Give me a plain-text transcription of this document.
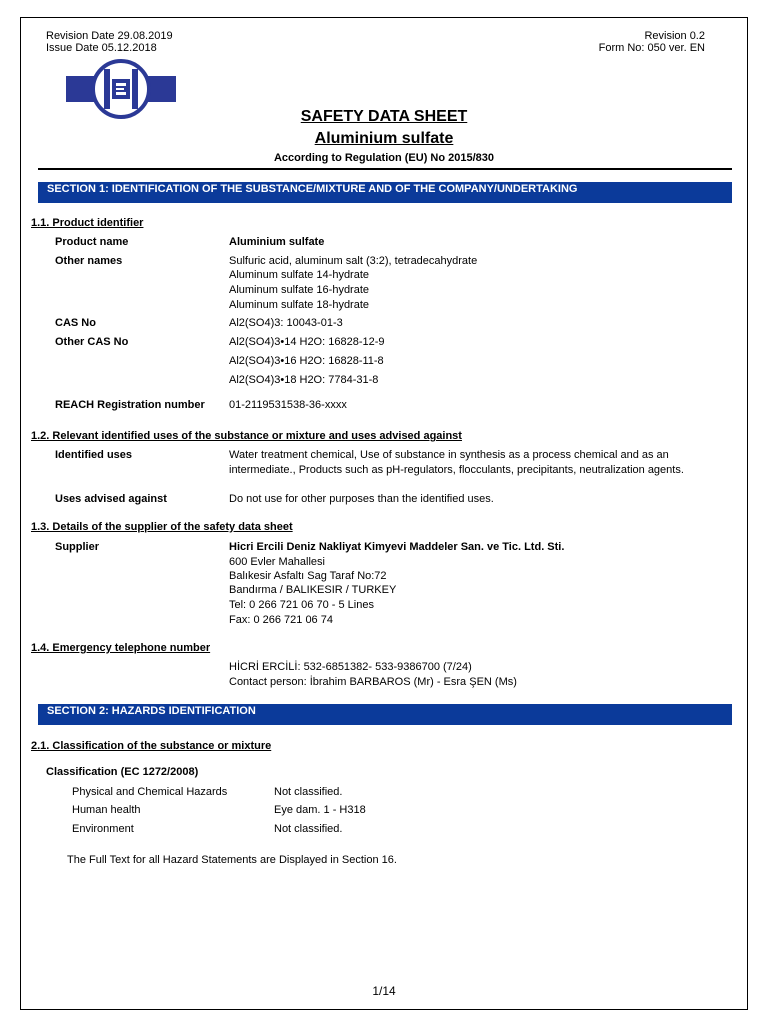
Revision Date 29.08.2019
Issue Date 05.12.2018
Revision 0.2
Form No: 050 ver. EN
SAFETY DATA SHEET
Aluminium sulfate
According to Regulation (EU) No 2015/830
SECTION 1: IDENTIFICATION OF THE SUBSTANCE/MIXTURE AND OF THE COMPANY/UNDERTAKING
1.1. Product identifier
Product name	Aluminium sulfate
Other names	Sulfuric acid, aluminum salt (3:2), tetradecahydrate
Aluminum sulfate 14-hydrate
Aluminum sulfate 16-hydrate
Aluminum sulfate 18-hydrate
CAS No	Al2(SO4)3: 10043-01-3
Other CAS No	Al2(SO4)3•14 H2O: 16828-12-9
Al2(SO4)3•16 H2O: 16828-11-8
Al2(SO4)3•18 H2O: 7784-31-8
REACH Registration number 01-2119531538-36-xxxx
1.2. Relevant identified uses of the substance or mixture and uses advised against
Identified uses	Water treatment chemical, Use of substance in synthesis as a process chemical and as an
intermediate., Products such as pH-regulators, flocculants, precipitants, neutralization agents.
Uses advised against	Do not use for other purposes than the identified uses.
1.3. Details of the supplier of the safety data sheet
Supplier	Hicri Ercili Deniz Nakliyat Kimyevi Maddeler San. ve Tic. Ltd. Sti.
600 Evler Mahallesi
Balıkesir Asfaltı Sag Taraf No:72
Bandırma / BALIKESIR / TURKEY
Tel: 0 266 721 06 70 - 5 Lines
Fax: 0 266 721 06 74
1.4. Emergency telephone number
HİCRİ ERCİLİ: 532-6851382- 533-9386700 (7/24)
Contact person: İbrahim BARBAROS (Mr) - Esra ŞEN (Ms)
SECTION 2: HAZARDS IDENTIFICATION
2.1. Classification of the substance or mixture
Classification (EC 1272/2008)
Physical and Chemical Hazards	Not classified.
Human health	Eye dam. 1 - H318
Environment	Not classified.
The Full Text for all Hazard Statements are Displayed in Section 16.
1/14
